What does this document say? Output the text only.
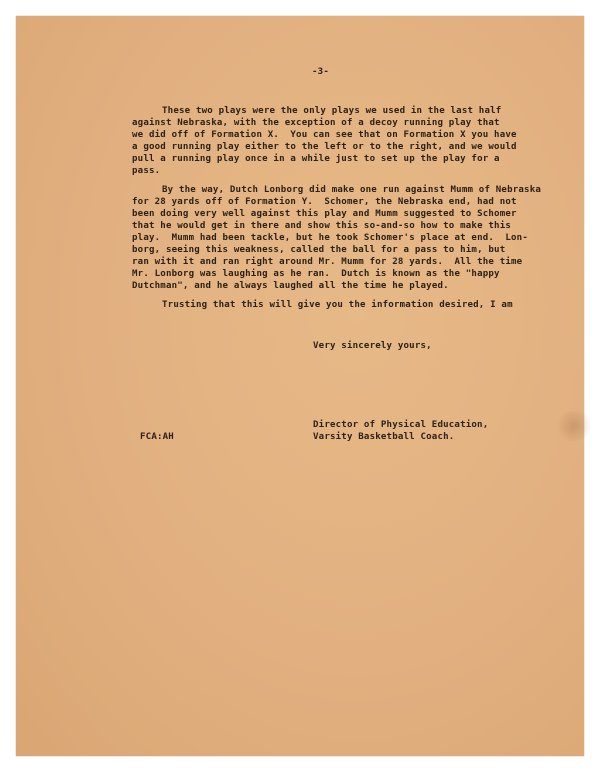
-3-
These two plays were the only plays we used in the last half
against Nebraska, with the exception of a decoy running play that
we did off of Formation X.  You can see that on Formation X you have
a good running play either to the left or to the right, and we would
pull a running play once in a while just to set up the play for a
pass.
By the way, Dutch Lonborg did make one run against Mumm of Nebraska
for 28 yards off of Formation Y.  Schomer, the Nebraska end, had not
been doing very well against this play and Mumm suggested to Schomer
that he would get in there and show this so-and-so how to make this
play.  Mumm had been tackle, but he took Schomer's place at end.  Lon-
borg, seeing this weakness, called the ball for a pass to him, but
ran with it and ran right around Mr. Mumm for 28 yards.  All the time
Mr. Lonborg was laughing as he ran.  Dutch is known as the "happy
Dutchman", and he always laughed all the time he played.
Trusting that this will give you the information desired, I am
Very sincerely yours,
Director of Physical Education,
Varsity Basketball Coach.
FCA:AH
